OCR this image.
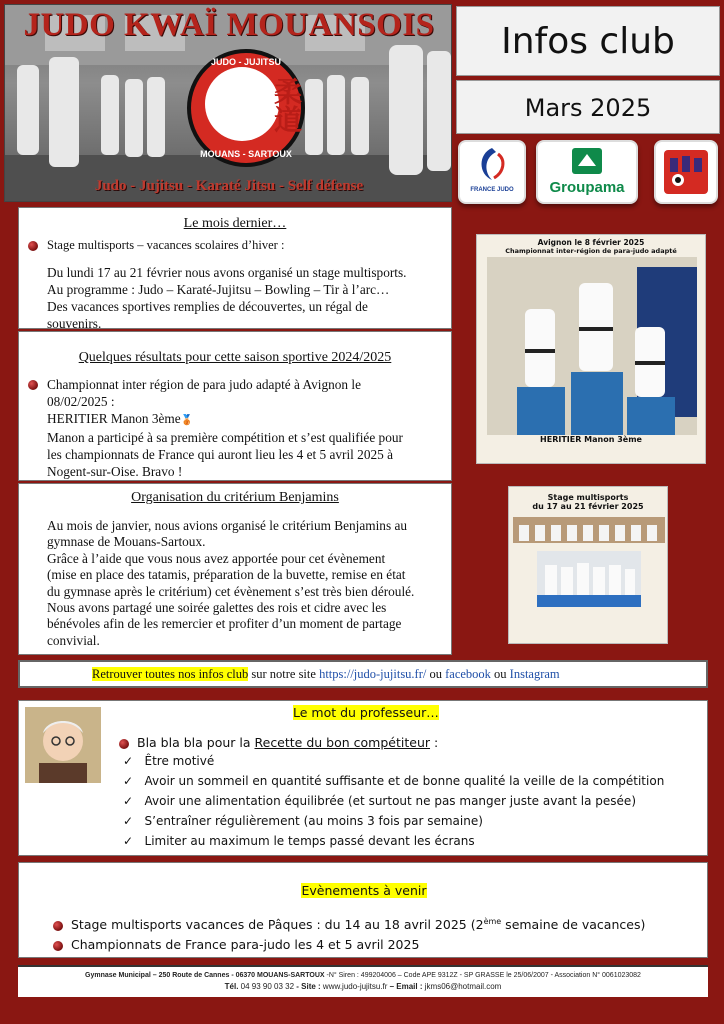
JUDO KWAÏ MOUANSOIS
JUDO - JUJITSU
柔道
MOUANS - SARTOUX
Judo - Jujitsu - Karaté Jitsu - Self défense
Infos club
Mars 2025
FRANCE JUDO	Groupama

Le mois dernier…

Stage multisports – vacances scolaires d’hiver :
Du lundi 17 au 21 février nous avons organisé un stage multisports.
Au programme : Judo – Karaté-Jujitsu – Bowling – Tir à l’arc…
Des vacances sportives remplies de découvertes, un régal de
souvenirs.

Quelques résultats pour cette saison sportive 2024/2025

Championnat inter région de para judo adapté à Avignon le
08/02/2025 :
HERITIER Manon 3ème🥉
Manon a participé à sa première compétition et s’est qualifiée pour
les championnats de France qui auront lieu les 4 et 5 avril 2025 à
Nogent-sur-Oise. Bravo !

Organisation du critérium Benjamins

Au mois de janvier, nous avions organisé le critérium Benjamins au
gymnase de Mouans-Sartoux.
Grâce à l’aide que vous nous avez apportée pour cet évènement
(mise en place des tatamis, préparation de la buvette, remise en état
du gymnase après le critérium) cet évènement s’est très bien déroulé.
Nous avons partagé une soirée galettes des rois et cidre avec les
bénévoles afin de les remercier et profiter d’un moment de partage
convivial.
Avignon le 8 février 2025
Championnat inter-région de para-judo adapté
HERITIER Manon 3ème
Stage multisports
du 17 au 21 février 2025

Retrouver toutes nos infos club sur notre site https://judo-jujitsu.fr/ ou facebook ou Instagram
Le mot du professeur…
Bla bla bla pour la Recette du bon compétiteur :
✓ Être motivé
✓ Avoir un sommeil en quantité suffisante et de bonne qualité la veille de la compétition
✓ Avoir une alimentation équilibrée (et surtout ne pas manger juste avant la pesée)
✓ S’entraîner régulièrement (au moins 3 fois par semaine)
✓ Limiter au maximum le temps passé devant les écrans
Evènements à venir
Stage multisports vacances de Pâques : du 14 au 18 avril 2025 (2ème semaine de vacances)
Championnats de France para-judo les 4 et 5 avril 2025
Gymnase Municipal – 250 Route de Cannes - 06370 MOUANS-SARTOUX -N° Siren : 499204006 – Code APE 9312Z - SP GRASSE le 25/06/2007 - Association N° 0061023082
Tél. 04 93 90 03 32 - Site : www.judo-jujitsu.fr – Email : jkms06@hotmail.com
